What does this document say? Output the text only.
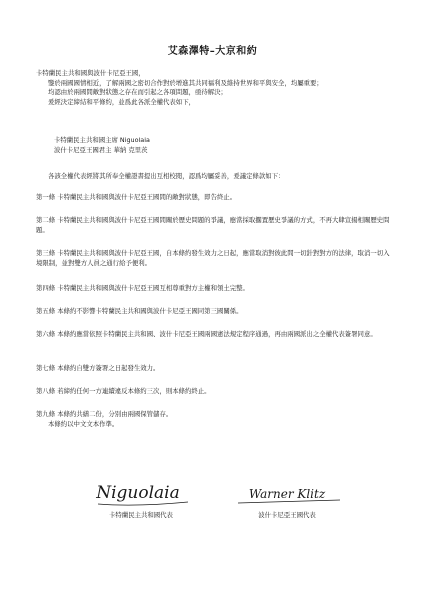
艾森澤特–大京和約
卡特蘭民主共和國與波什卡尼亞王國，
鑒於兩國國情相近，了解兩國之密切合作對於增進其共同福利及維持世界和平與安全，均屬重要；
均認由於兩國間敵對狀態之存在而引起之各項問題，亟待解決；
爰經決定締結和平條約，並爲此各派全權代表如下，
卡特蘭民主共和國主席 Niguolaia
波什卡尼亞王國君主 華納 克里茨
各該全權代表經將其所奉全權證書提出互相校閱，認爲均屬妥善，爰議定條款如下：
第一條 卡特蘭民主共和國與波什卡尼亞王國間的敵對狀態，即告終止。
第二條 卡特蘭民主共和國與波什卡尼亞王國間關於歷史問題的爭議，應當採取擱置歷史爭議的方式，不再大肆宣揚相關歷史問題。
第三條 卡特蘭民主共和國與波什卡尼亞王國，自本條約發生效力之日起，應當取消對彼此間一切針對對方的法律，取消一切入境限制，並對雙方人員之通行給予便利。
第四條 卡特蘭民主共和國與波什卡尼亞王國互相尊重對方主權和領土完整。
第五條 本條約不影響卡特蘭民主共和國與波什卡尼亞王國同第三國關係。
第六條 本條約應當依照卡特蘭民主共和國、波什卡尼亞王國兩國憲法規定程序通過，再由兩國派出之全權代表簽署同意。
第七條 本條約自雙方簽署之日起發生效力。
第八條 若締約任何一方連續違反本條約三次，則本條約終止。
第九條 本條約共繕二份，分別由兩國保管儲存。
本條約以中文文本作準。
Niguolaia
卡特蘭民主共和國代表
Warner Klitz
波什卡尼亞王國代表
